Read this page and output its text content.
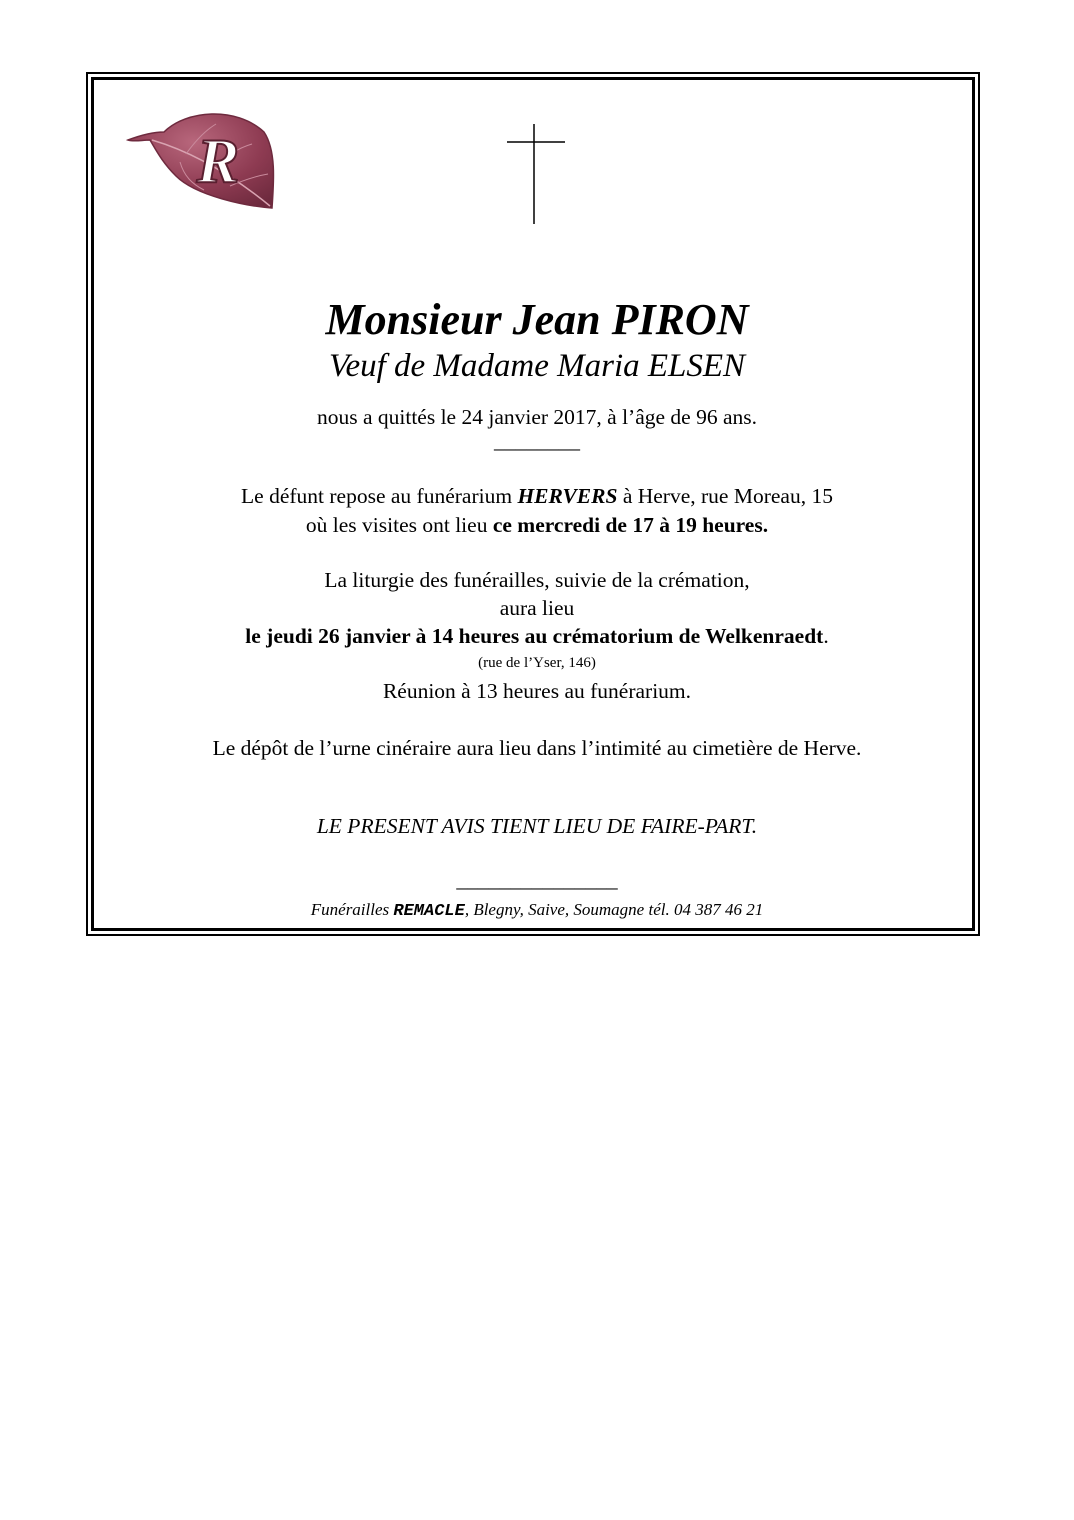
R
Monsieur Jean PIRON
Veuf de Madame Maria ELSEN
nous a quittés le 24 janvier 2017, à l’âge de 96 ans.
________
Le défunt repose au funérarium HERVERS à Herve, rue Moreau, 15
où les visites ont lieu ce mercredi de 17 à 19 heures.
La liturgie des funérailles, suivie de la crémation,
aura lieu
le jeudi 26 janvier à 14 heures au crématorium de Welkenraedt.
(rue de l’Yser, 146)
Réunion à 13 heures au funérarium.
Le dépôt de l’urne cinéraire aura lieu dans l’intimité au cimetière de Herve.
LE PRESENT AVIS TIENT LIEU DE FAIRE-PART.
_______________
Funérailles REMACLE, Blegny, Saive, Soumagne tél. 04 387 46 21
